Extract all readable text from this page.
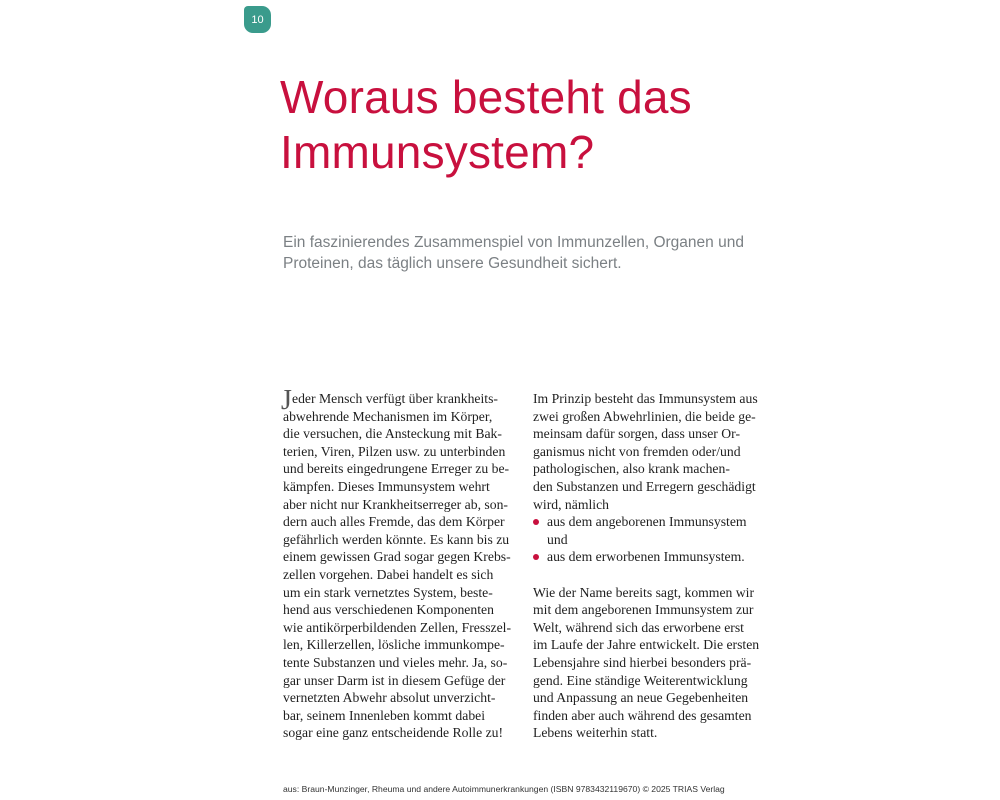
10
Woraus besteht das
Immunsystem?

Ein faszinierendes Zusammenspiel von Immunzellen, Organen und
Proteinen, das täglich unsere Gesundheit sichert.

J eder Mensch verfügt über krankheits-
abwehrende Mechanismen im Körper,
die versuchen, die Ansteckung mit Bak-
terien, Viren, Pilzen usw. zu unterbinden
und bereits eingedrungene Erreger zu be-
kämpfen. Dieses Immunsystem wehrt
aber nicht nur Krankheitserreger ab, son-
dern auch alles Fremde, das dem Körper
gefährlich werden könnte. Es kann bis zu
einem gewissen Grad sogar gegen Krebs-
zellen vorgehen. Dabei handelt es sich
um ein stark vernetztes System, beste-
hend aus verschiedenen Komponenten
wie antikörperbildenden Zellen, Fresszel-
len, Killerzellen, lösliche immunkompe-
tente Substanzen und vieles mehr. Ja, so-
gar unser Darm ist in diesem Gefüge der
vernetzten Abwehr absolut unverzicht-
bar, seinem Innenleben kommt dabei
sogar eine ganz entscheidende Rolle zu!
Im Prinzip besteht das Immunsystem aus
zwei großen Abwehrlinien, die beide ge-
meinsam dafür sorgen, dass unser Or-
ganismus nicht von fremden oder/und
pathologischen, also krank machen-
den Substanzen und Erregern geschädigt
wird, nämlich
aus dem angeborenen Immunsystem
und
aus dem erworbenen Immunsystem.
Wie der Name bereits sagt, kommen wir
mit dem angeborenen Immunsystem zur
Welt, während sich das erworbene erst
im Laufe der Jahre entwickelt. Die ersten
Lebensjahre sind hierbei besonders prä-
gend. Eine ständige Weiterentwicklung
und Anpassung an neue Gegebenheiten
finden aber auch während des gesamten
Lebens weiterhin statt.
aus: Braun-Munzinger, Rheuma und andere Autoimmunerkrankungen (ISBN 9783432119670) © 2025 TRIAS Verlag
